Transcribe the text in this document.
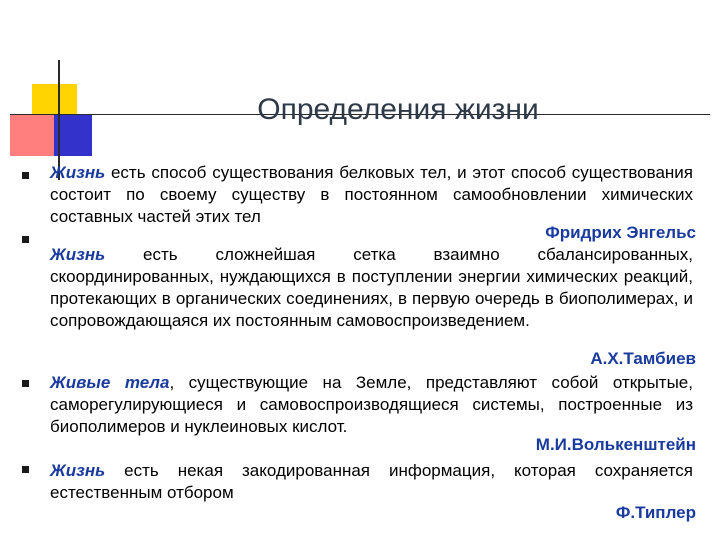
Определения жизни
Жизнь есть способ существования белковых тел, и этот способ существования состоит по своему существу в постоянном самообновлении химических составных частей этих тел
Фридрих Энгельс
Жизнь есть сложнейшая сетка взаимно сбалансированных, скоординированных, нуждающихся в поступлении энергии химических реакций, протекающих в органических соединениях, в первую очередь в биополимерах, и сопровождающаяся их постоянным самовоспроизведением.
А.Х.Тамбиев
Живые тела, существующие на Земле, представляют собой открытые, саморегулирующиеся и самовоспроизводящиеся системы, построенные из биополимеров и нуклеиновых кислот.
М.И.Волькенштейн
Жизнь есть некая закодированная информация, которая сохраняется естественным отбором
Ф.Типлер
